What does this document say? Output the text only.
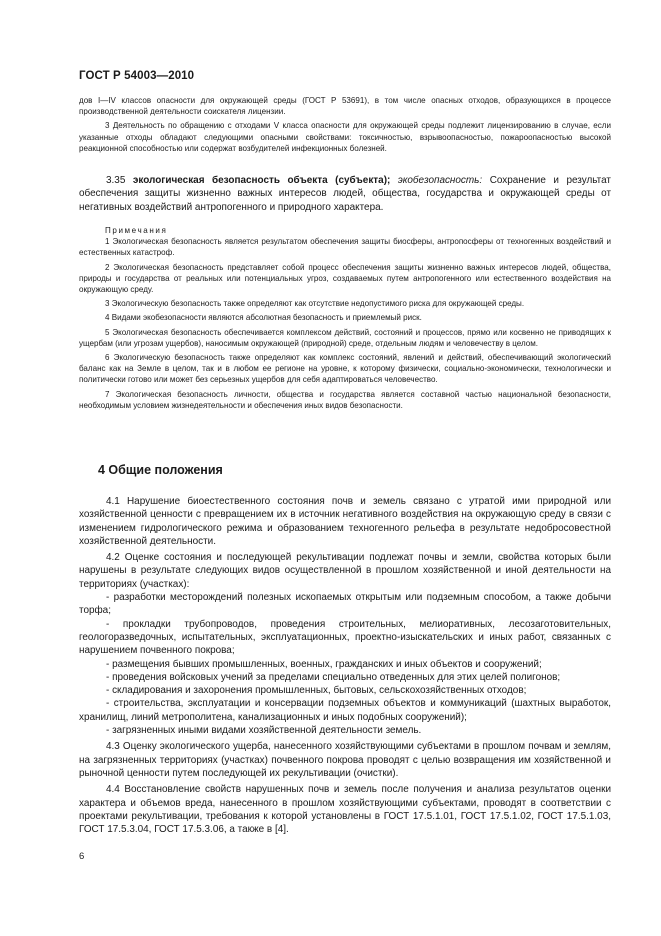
ГОСТ Р 54003—2010

дов I—IV классов опасности для окружающей среды (ГОСТ Р 53691), в том числе опасных отходов, образующихся в процессе производственной деятельности соискателя лицензии.

3 Деятельность по обращению с отходами V класса опасности для окружающей среды подлежит лицензированию в случае, если указанные отходы обладают следующими опасными свойствами: токсичностью, взрывоопасностью, пожароопасностью высокой реакционной способностью или содержат возбудителей инфекционных болезней.

3.35 экологическая безопасность объекта (субъекта); экобезопасность: Сохранение и результат обеспечения защиты жизненно важных интересов людей, общества, государства и окружающей среды от негативных воздействий антропогенного и природного характера.

Примечания

1 Экологическая безопасность является результатом обеспечения защиты биосферы, антропосферы от техногенных воздействий и естественных катастроф.

2 Экологическая безопасность представляет собой процесс обеспечения защиты жизненно важных интересов людей, общества, природы и государства от реальных или потенциальных угроз, создаваемых путем антропогенного или естественного воздействия на окружающую среду.

3 Экологическую безопасность также определяют как отсутствие недопустимого риска для окружающей среды.

4 Видами экобезопасности являются абсолютная безопасность и приемлемый риск.

5 Экологическая безопасность обеспечивается комплексом действий, состояний и процессов, прямо или косвенно не приводящих к ущербам (или угрозам ущербов), наносимым окружающей (природной) среде, отдельным людям и человечеству в целом.

6 Экологическую безопасность также определяют как комплекс состояний, явлений и действий, обеспечивающий экологический баланс как на Земле в целом, так и в любом ее регионе на уровне, к которому физически, социально-экономически, технологически и политически готово или может без серьезных ущербов для себя адаптироваться человечество.

7 Экологическая безопасность личности, общества и государства является составной частью национальной безопасности, необходимым условием жизнедеятельности и обеспечения иных видов безопасности.

4 Общие положения

4.1 Нарушение биоестественного состояния почв и земель связано с утратой ими природной или хозяйственной ценности с превращением их в источник негативного воздействия на окружающую среду в связи с изменением гидрологического режима и образованием техногенного рельефа в результате недобросовестной хозяйственной деятельности.

4.2 Оценке состояния и последующей рекультивации подлежат почвы и земли, свойства которых были нарушены в результате следующих видов осуществленной в прошлом хозяйственной и иной деятельности на территориях (участках):

- разработки месторождений полезных ископаемых открытым или подземным способом, а также добычи торфа;

- прокладки трубопроводов, проведения строительных, мелиоративных, лесозаготовительных, геологоразведочных, испытательных, эксплуатационных, проектно-изыскательских и иных работ, связанных с нарушением почвенного покрова;

- размещения бывших промышленных, военных, гражданских и иных объектов и сооружений;

- проведения войсковых учений за пределами специально отведенных для этих целей полигонов;

- складирования и захоронения промышленных, бытовых, сельскохозяйственных отходов;

- строительства, эксплуатации и консервации подземных объектов и коммуникаций (шахтных выработок, хранилищ, линий метрополитена, канализационных и иных подобных сооружений);

- загрязненных иными видами хозяйственной деятельности земель.

4.3 Оценку экологического ущерба, нанесенного хозяйствующими субъектами в прошлом почвам и землям, на загрязненных территориях (участках) почвенного покрова проводят с целью возвращения им хозяйственной и рыночной ценности путем последующей их рекультивации (очистки).

4.4 Восстановление свойств нарушенных почв и земель после получения и анализа результатов оценки характера и объемов вреда, нанесенного в прошлом хозяйствующими субъектами, проводят в соответствии с проектами рекультивации, требования к которой установлены в ГОСТ 17.5.1.01, ГОСТ 17.5.1.02, ГОСТ 17.5.1.03, ГОСТ 17.5.3.04, ГОСТ 17.5.3.06, а также в [4].

6
